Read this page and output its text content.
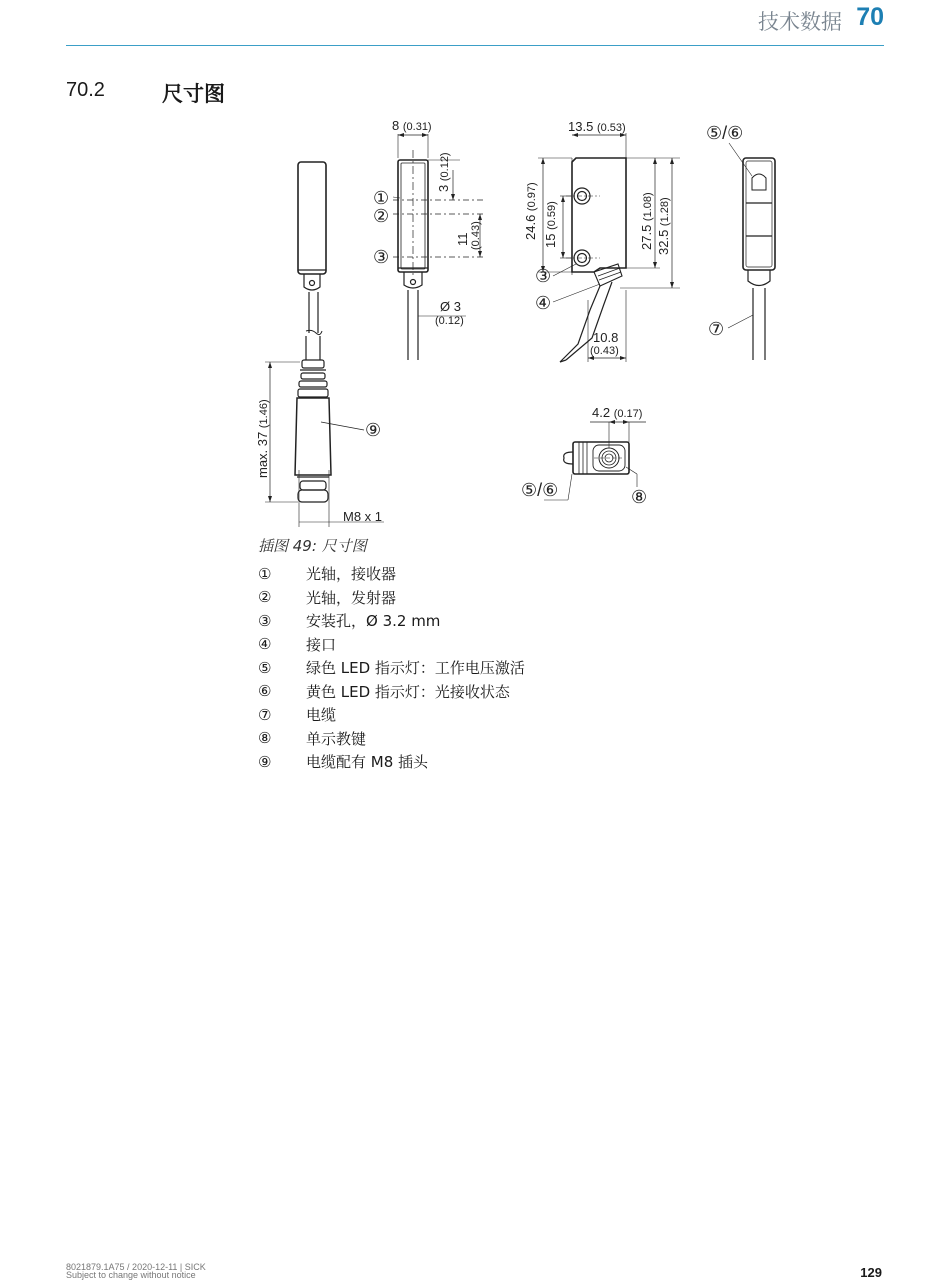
技术数据 70
70.2	尺寸图
max. 37 (1.46)
M8 x 1
⑨
8 (0.31)
3 (0.12)
11 (0.43)
Ø 3
(0.12)
①
②
③
13.5 (0.53)
24.6 (0.97)
15 (0.59)
27.5 (1.08)
32.5 (1.28)
10.8
(0.43)
③
④
⑤/⑥
⑦
4.2 (0.17)
⑤/⑥	⑧
插图 49: 尺寸图
①	光轴，接收器
②	光轴，发射器
③	安装孔，Ø 3.2 mm
④	接口
⑤	绿色 LED 指示灯：工作电压激活
⑥	黄色 LED 指示灯：光接收状态
⑦	电缆
⑧	单示教键
⑨	电缆配有 M8 插头
8021879.1A75 / 2020-12-11 | SICK
Subject to change without notice	129
